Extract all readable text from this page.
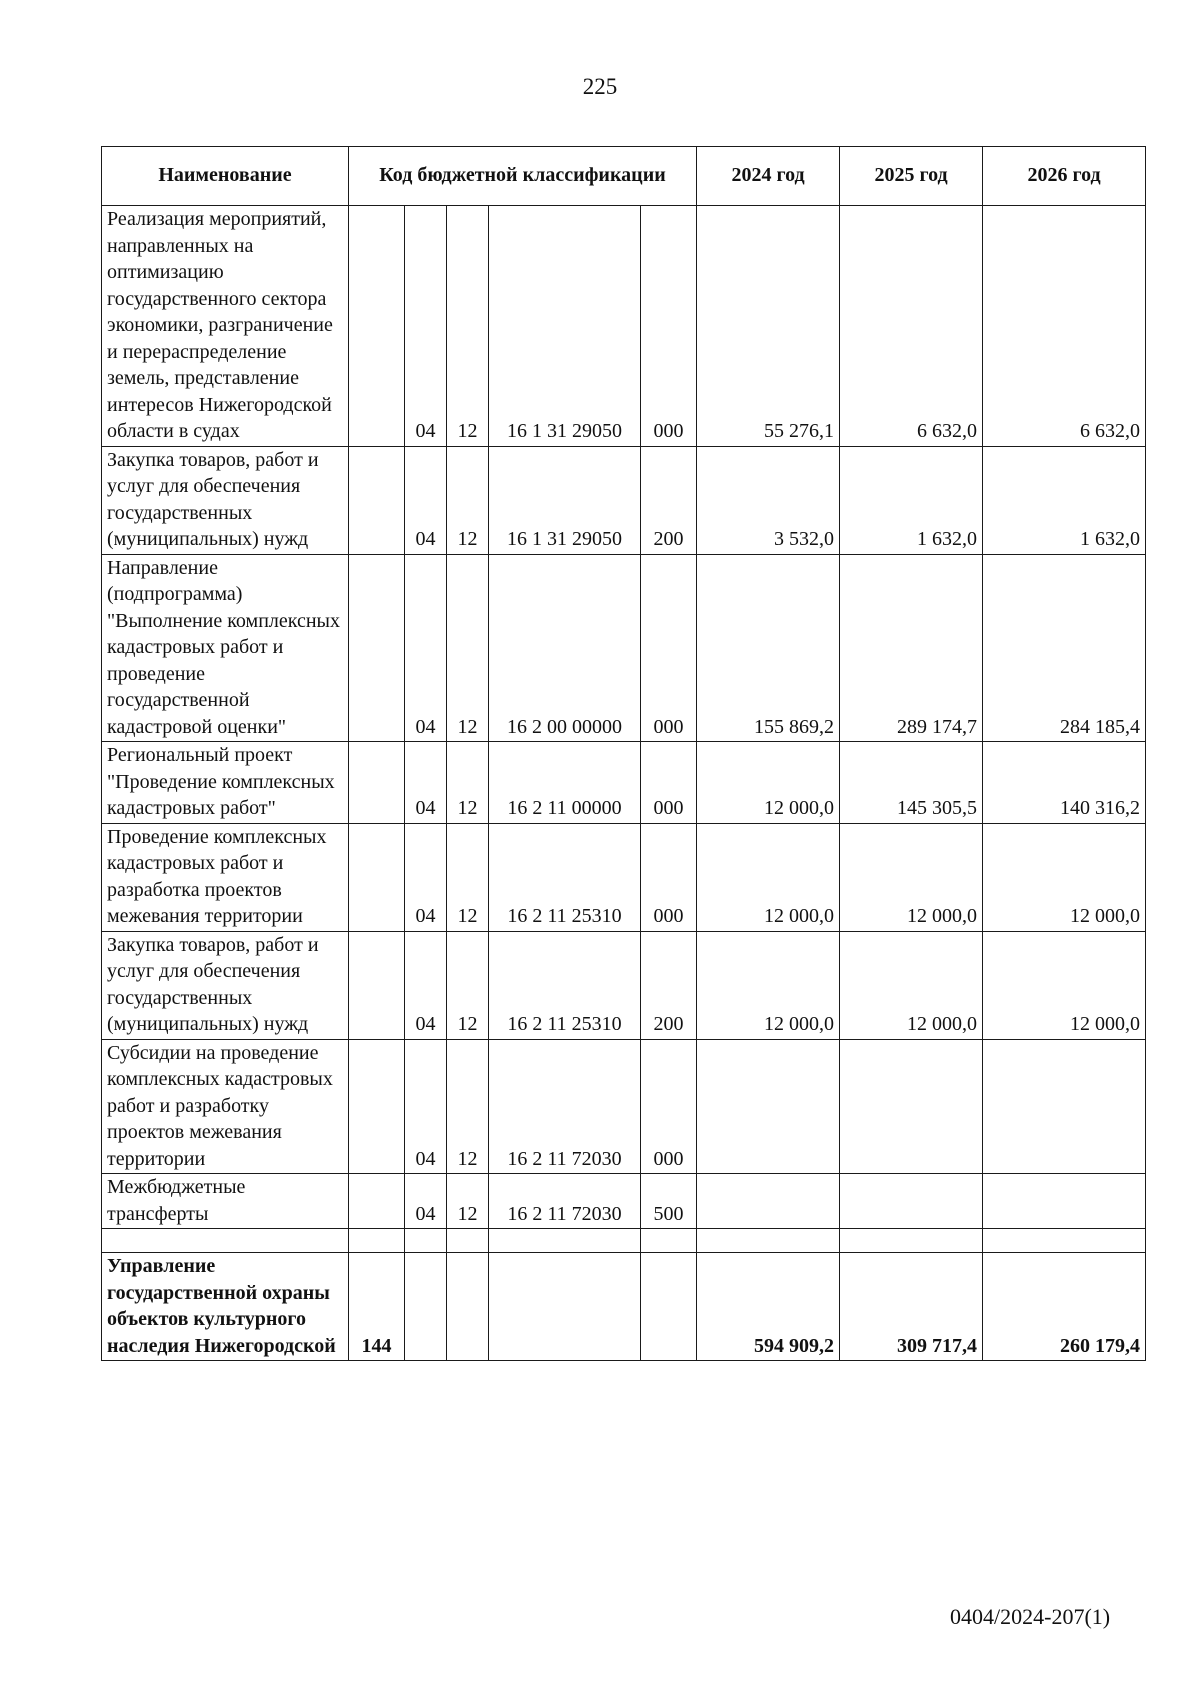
225
Наименование	Код бюджетной классификации					2024 год	2025 год	2026 год
Реализация мероприятий, направленных на оптимизацию государственного сектора экономики, разграничение и перераспределение земель, представление интересов Нижегородской области в судах		04	12	16 1 31 29050	000	55 276,1	6 632,0	6 632,0
Закупка товаров, работ и услуг для обеспечения государственных (муниципальных) нужд		04	12	16 1 31 29050	200	3 532,0	1 632,0	1 632,0
Направление (подпрограмма) "Выполнение комплексных кадастровых работ и проведение государственной кадастровой оценки"		04	12	16 2 00 00000	000	155 869,2	289 174,7	284 185,4
Региональный проект "Проведение комплексных кадастровых работ"		04	12	16 2 11 00000	000	12 000,0	145 305,5	140 316,2
Проведение комплексных кадастровых работ и разработка проектов межевания территории		04	12	16 2 11 25310	000	12 000,0	12 000,0	12 000,0
Закупка товаров, работ и услуг для обеспечения государственных (муниципальных) нужд		04	12	16 2 11 25310	200	12 000,0	12 000,0	12 000,0
Субсидии на проведение комплексных кадастровых работ и разработку проектов межевания территории		04	12	16 2 11 72030	000			
Межбюджетные трансферты		04	12	16 2 11 72030	500			

Управление государственной охраны объектов культурного наследия Нижегородской	144					594 909,2	309 717,4	260 179,4
0404/2024-207(1)
